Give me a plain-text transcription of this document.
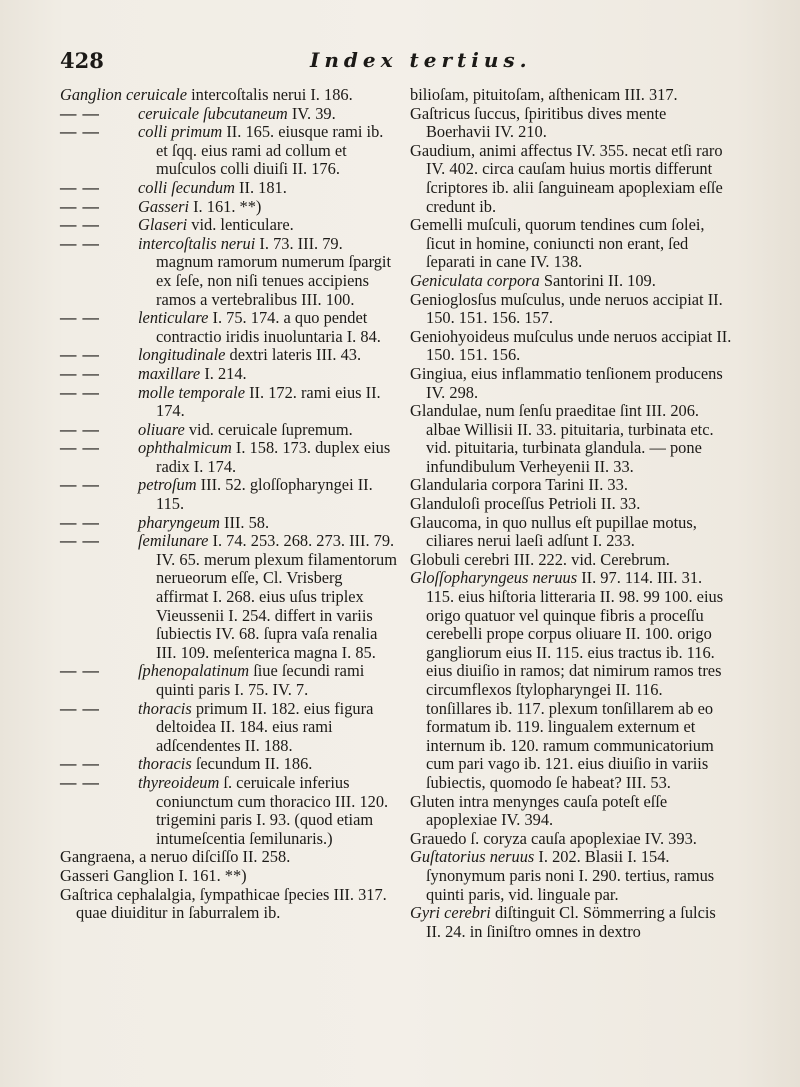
428	Index tertius.

Ganglion ceruicale intercoſtalis nerui I. 186.

— — ceruicale ſubcutaneum IV. 39.

— — colli primum II. 165. eiusque rami ib. et ſqq. eius rami ad collum et muſculos colli diuiſi II. 176.

— — colli ſecundum II. 181.

— — Gasseri I. 161. **)

— — Glaseri vid. lenticulare.

— — intercoſtalis nerui I. 73. III. 79. magnum ramorum numerum ſpargit ex ſeſe, non niſi tenues accipiens ramos a vertebralibus III. 100.

— — lenticulare I. 75. 174. a quo pendet contractio iridis inuoluntaria I. 84.

— — longitudinale dextri lateris III. 43.

— — maxillare I. 214.

— — molle temporale II. 172. rami eius II. 174.

— — oliuare vid. ceruicale ſupremum.

— — ophthalmicum I. 158. 173. duplex eius radix I. 174.

— — petroſum III. 52. gloſſopharyngei II. 115.

— — pharyngeum III. 58.

— — ſemilunare I. 74. 253. 268. 273. III. 79. IV. 65. merum plexum filamentorum nerueorum eſſe, Cl. Vrisberg affirmat I. 268. eius uſus triplex Vieussenii I. 254. differt in variis ſubiectis IV. 68. ſupra vaſa renalia III. 109. meſenterica magna I. 85.

— — ſphenopalatinum ſiue ſecundi rami quinti paris I. 75. IV. 7.

— — thoracis primum II. 182. eius figura deltoidea II. 184. eius rami adſcendentes II. 188.

— — thoracis ſecundum II. 186.

— — thyreoideum ſ. ceruicale inferius coniunctum cum thoracico III. 120. trigemini paris I. 93. (quod etiam intumeſcentia ſemilunaris.)

Gangraena, a neruo diſciſſo II. 258.

Gasseri Ganglion I. 161. **)

Gaſtrica cephalalgia, ſympathicae ſpecies III. 317. quae diuiditur in ſaburralem ib.

bilioſam, pituitoſam, aſthenicam III. 317.

Gaſtricus ſuccus, ſpiritibus dives mente Boerhavii IV. 210.

Gaudium, animi affectus IV. 355. necat etſi raro IV. 402. circa cauſam huius mortis differunt ſcriptores ib. alii ſanguineam apoplexiam eſſe credunt ib.

Gemelli muſculi, quorum tendines cum ſolei, ſicut in homine, coniuncti non erant, ſed ſeparati in cane IV. 138.

Geniculata corpora Santorini II. 109.

Genioglosſus muſculus, unde neruos accipiat II. 150. 151. 156. 157.

Geniohyoideus muſculus unde neruos accipiat II. 150. 151. 156.

Gingiua, eius inflammatio tenſionem producens IV. 298.

Glandulae, num ſenſu praeditae ſint III. 206. albae Willisii II. 33. pituitaria, turbinata etc. vid. pituitaria, turbinata glandula. — pone infundibulum Verheyenii II. 33.

Glandularia corpora Tarini II. 33.

Glanduloſi proceſſus Petrioli II. 33.

Glaucoma, in quo nullus eſt pupillae motus, ciliares nerui laeſi adſunt I. 233.

Globuli cerebri III. 222. vid. Cerebrum.

Gloſſopharyngeus neruus II. 97. 114. III. 31. 115. eius hiſtoria litteraria II. 98. 99 100. eius origo quatuor vel quinque fibris a proceſſu cerebelli prope corpus oliuare II. 100. origo gangliorum eius II. 115. eius tractus ib. 116. eius diuiſio in ramos; dat nimirum ramos tres circumflexos ſtylopharyngei II. 116. tonſillares ib. 117. plexum tonſillarem ab eo formatum ib. 119. lingualem externum et internum ib. 120. ramum communicatorium cum pari vago ib. 121. eius diuiſio in variis ſubiectis, quomodo ſe habeat? III. 53.

Gluten intra menynges cauſa poteſt eſſe apoplexiae IV. 394.

Grauedo ſ. coryza cauſa apoplexiae IV. 393.

Guſtatorius neruus I. 202. Blasii I. 154. ſynonymum paris noni I. 290. tertius, ramus quinti paris, vid. linguale par.

Gyri cerebri diſtinguit Cl. Sömmerring a ſulcis II. 24. in ſiniſtro omnes in dextro
